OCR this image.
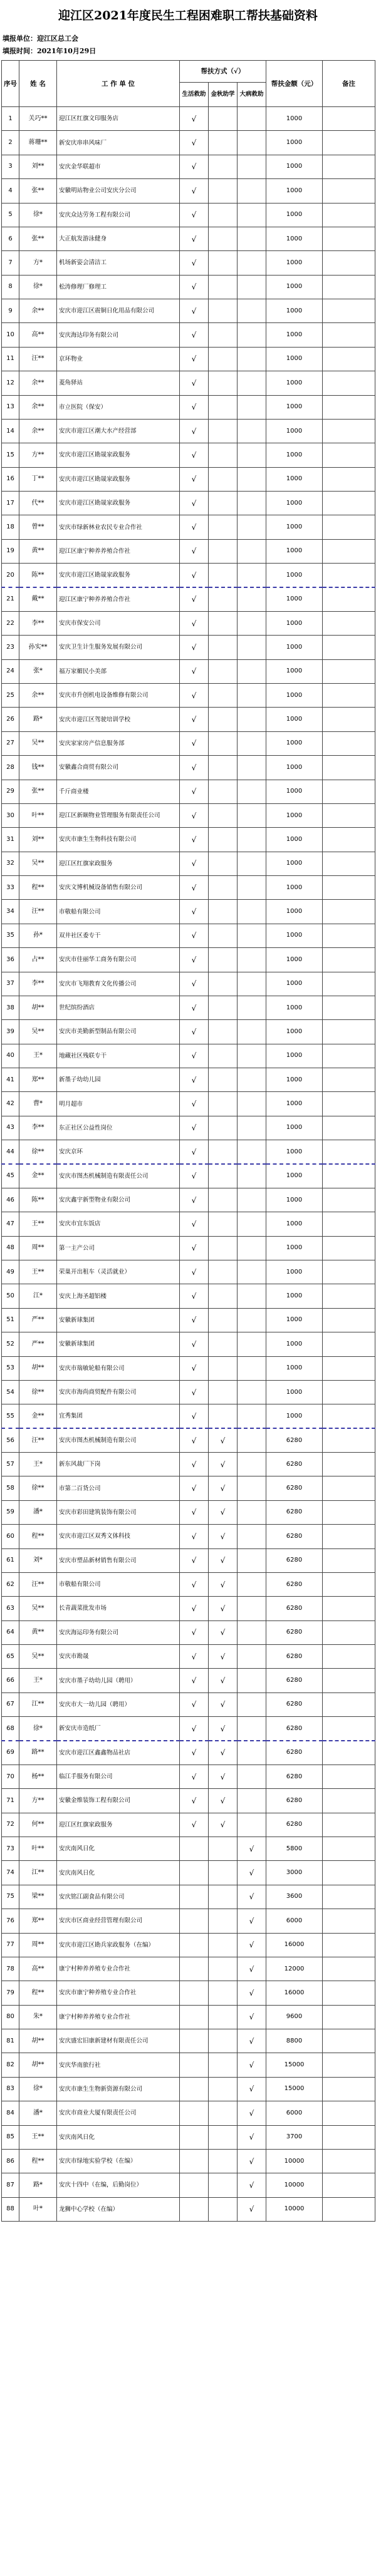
迎江区2021年度民生工程困难职工帮扶基础资料
填报单位：迎江区总工会
填报时间：2021年10月29日
序号	姓 名	工 作 单 位	帮扶方式（√）			帮扶金额（元）	备注
			生活救助	金秋助学	大病救助		
1	关巧**	迎江区红旗文印服务店	√			1000	
2	蒋珊**	新安庆串串风味厂	√			1000	
3	刘**	安庆金华联超市	√			1000	
4	张**	安徽明站物业公司安庆分公司	√			1000	
5	徐*	安庆众达劳务工程有限公司	√			1000	
6	张**	大正航发游泳健身	√			1000	
7	方*	机场新姿会清洁工	√			1000	
8	徐*	松涛修理厂修理工	√			1000	
9	余**	安庆市迎江区震铜日化用品有限公司	√			1000	
10	高**	安庆海达印务有限公司	√			1000	
11	汪**	京环物业	√			1000	
12	余**	菱角驿站	√			1000	
13	余**	市立医院（保安）	√			1000	
14	余**	安庆市迎江区潮大水产经营部	√			1000	
15	方**	安庆市迎江区勘晟家政服务	√			1000	
16	丁**	安庆市迎江区勘晟家政服务	√			1000	
17	代**	安庆市迎江区勘晟家政服务	√			1000	
18	曾**	安庆市绿新林业农民专业合作社	√			1000	
19	黄**	迎江区康宁种养养殖合作社	√			1000	
20	陈**	安庆市迎江区勘晟家政服务	√			1000	
21	戴**	迎江区康宁种养养殖合作社	√			1000	
22	李**	安庆市保安公司	√			1000	
23	孙实**	安庆卫生计生服务发展有限公司	√			1000	
24	张*	福万家媚民小美部	√			1000	
25	余**	安庆市升创机电设备维修有限公司	√			1000	
26	路*	安庆市迎江区驾驶培训学校	√			1000	
27	吴**	安庆家家房产信息服务部	√			1000	
28	钱**	安徽鑫合商贸有限公司	√			1000	
29	张**	千斤商业楼	√			1000	
30	叶**	迎江区新颐物业管理服务有限责任公司	√			1000	
31	刘**	安庆市康生生物科技有限公司	√			1000	
32	吴**	迎江区红旗家政服务	√			1000	
33	程**	安庆文博机械设备销售有限公司	√			1000	
34	汪**	市敬船有限公司	√			1000	
35	孙*	双井社区委专干	√			1000	
36	占**	安庆市佳丽华工商务有限公司	√			1000	
37	李**	安庆市飞翔教育文化传播公司	√			1000	
38	胡**	世纪缤纷酒店	√			1000	
39	吴**	安庆市美勤新型制品有限公司	√			1000	
40	王*	地藏社区残联专干	√			1000	
41	郑**	新墨子幼幼儿园	√			1000	
42	曹*	明月超市	√			1000	
43	李**	东正社区公益性岗位	√			1000	
44	徐**	安庆京环	√			1000	
45	金**	安庆市图杰机械制造有限责任公司	√			1000	
46	陈**	安庆鑫宇新型物业有限公司	√			1000	
47	王**	安庆市宜东饭店	√			1000	
48	周**	第一主产公司	√			1000	
49	王**	荣巢开出租车（灵活就业）	√			1000	
50	江*	安庆上海圣超铝楼	√			1000	
51	严**	安徽新球集团	√			1000	
52	严**	安徽新球集团	√			1000	
53	胡**	安庆市瑞敏轮船有限公司	√			1000	
54	徐**	安庆市海尚商贸配件有限公司	√			1000	
55	金**	宜秀集团	√			1000	
56	汪**	安庆市图杰机械制造有限公司	√	√		6280	
57	王*	新东风裁厂下岗	√	√		6280	
58	徐**	市第二百货公司	√	√		6280	
59	潘*	安庆市彩田建筑装饰有限公司	√	√		6280	
60	程**	安庆市迎江区双秀文体科技	√	√		6280	
61	刘*	安庆市塑品新材销售有限公司	√	√		6280	
62	汪**	市敬船有限公司	√	√		6280	
63	吴**	长青蔬菜批发市场	√	√		6280	
64	黄**	安庆海运印务有限公司	√	√		6280	
65	吴**	安庆市勘晟	√	√		6280	
66	王*	安庆市墨子幼幼儿园（聘用）	√	√		6280	
67	江**	安庆市大一幼儿园（聘用）	√	√		6280	
68	徐*	新安庆市造纸厂	√	√		6280	
69	路**	安庆市迎江区鑫鑫物品社店	√	√		6280	
70	杨**	临江手服务有限公司	√	√		6280	
71	方**	安徽金维装饰工程有限公司	√	√		6280	
72	何**	迎江区红旗家政服务	√	√		6280	
73	叶**	安庆南风日化			√	5800	
74	江**	安庆南风日化			√	3000	
75	梁**	安庆铭江副食品有限公司			√	3600	
76	郑**	安庆市区商业经营管理有限公司			√	6000	
77	周**	安庆市迎江区勘兵家政服务（在编）			√	16000	
78	高**	康宁村种养养殖专业合作社			√	12000	
79	程**	安庆市康宁种养殖专业合作社			√	16000	
80	朱*	康宁村种养养殖专业合作社			√	9600	
81	胡**	安庆盛宏旧康新建材有限责任公司			√	8800	
82	胡**	安庆华南旅行社			√	15000	
83	徐*	安庆市康生生物新资源有限公司			√	15000	
84	潘*	安庆市商业大厦有限责任公司			√	6000	
85	王**	安庆南风日化			√	3700	
86	程**	安庆市绿地实验学校（在编）			√	10000	
87	路*	安庆十四中（在编，后勤岗位）			√	10000	
88	叶*	龙狮中心学校（在编）			√	10000	
